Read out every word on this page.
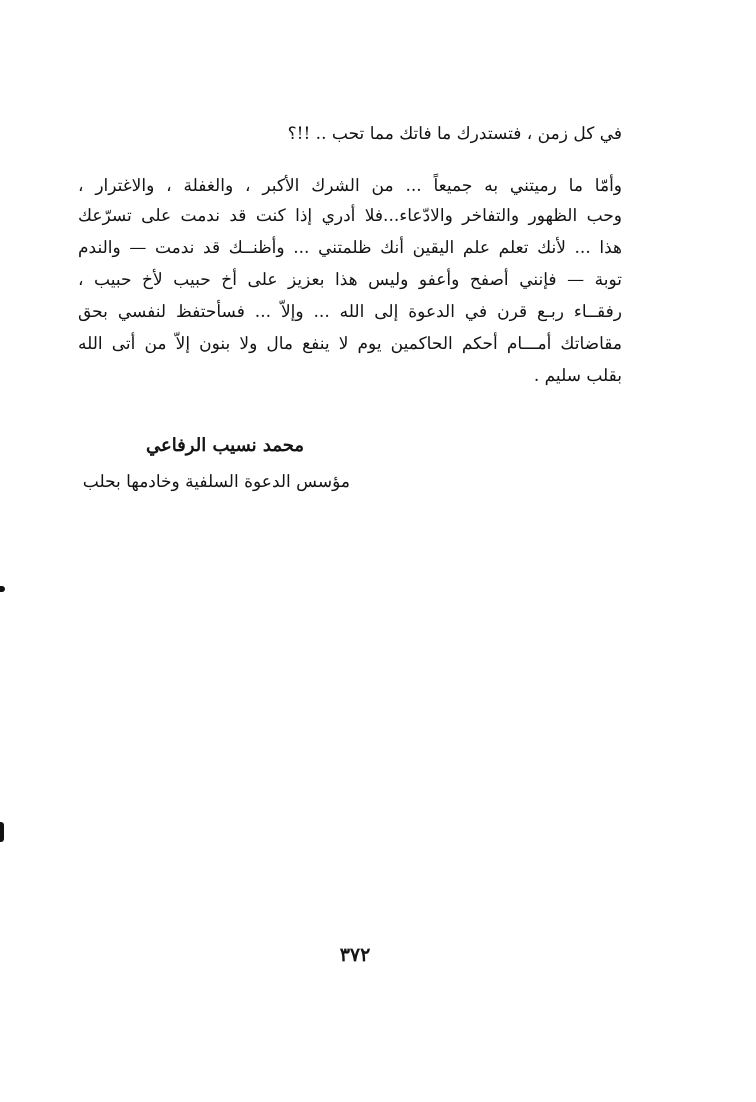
في كل زمن ، فتستدرك ما فاتك مما تحب .. !!؟
وأمّا ما رميتني به جميعاً ... من الشرك الأكبر ، والغفلة ، والاغترار ،
وحب الظهور والتفاخر والادّعاء...فلا أدري إذا كنت قد ندمت على تسرّعك
هذا ... لأنك تعلم علم اليقين أنك ظلمتني ... وأظنــك قد ندمت — والندم
توبة — فإنني أصفح وأعفو وليس هذا بعزيز على أخ حبيب لأخ حبيب ،
رفقــاء ربـع قرن في الدعوة إلى الله ... وإلاّ ... فسأحتفظ لنفسي بحق
مقاضاتك أمـــام أحكم الحاكمين يوم لا ينفع مال ولا بنون إلاّ من أتى الله
بقلب سليم .
محمد نسيب الرفاعي
مؤسس الدعوة السلفية وخادمها بحلب
٣٧٢
